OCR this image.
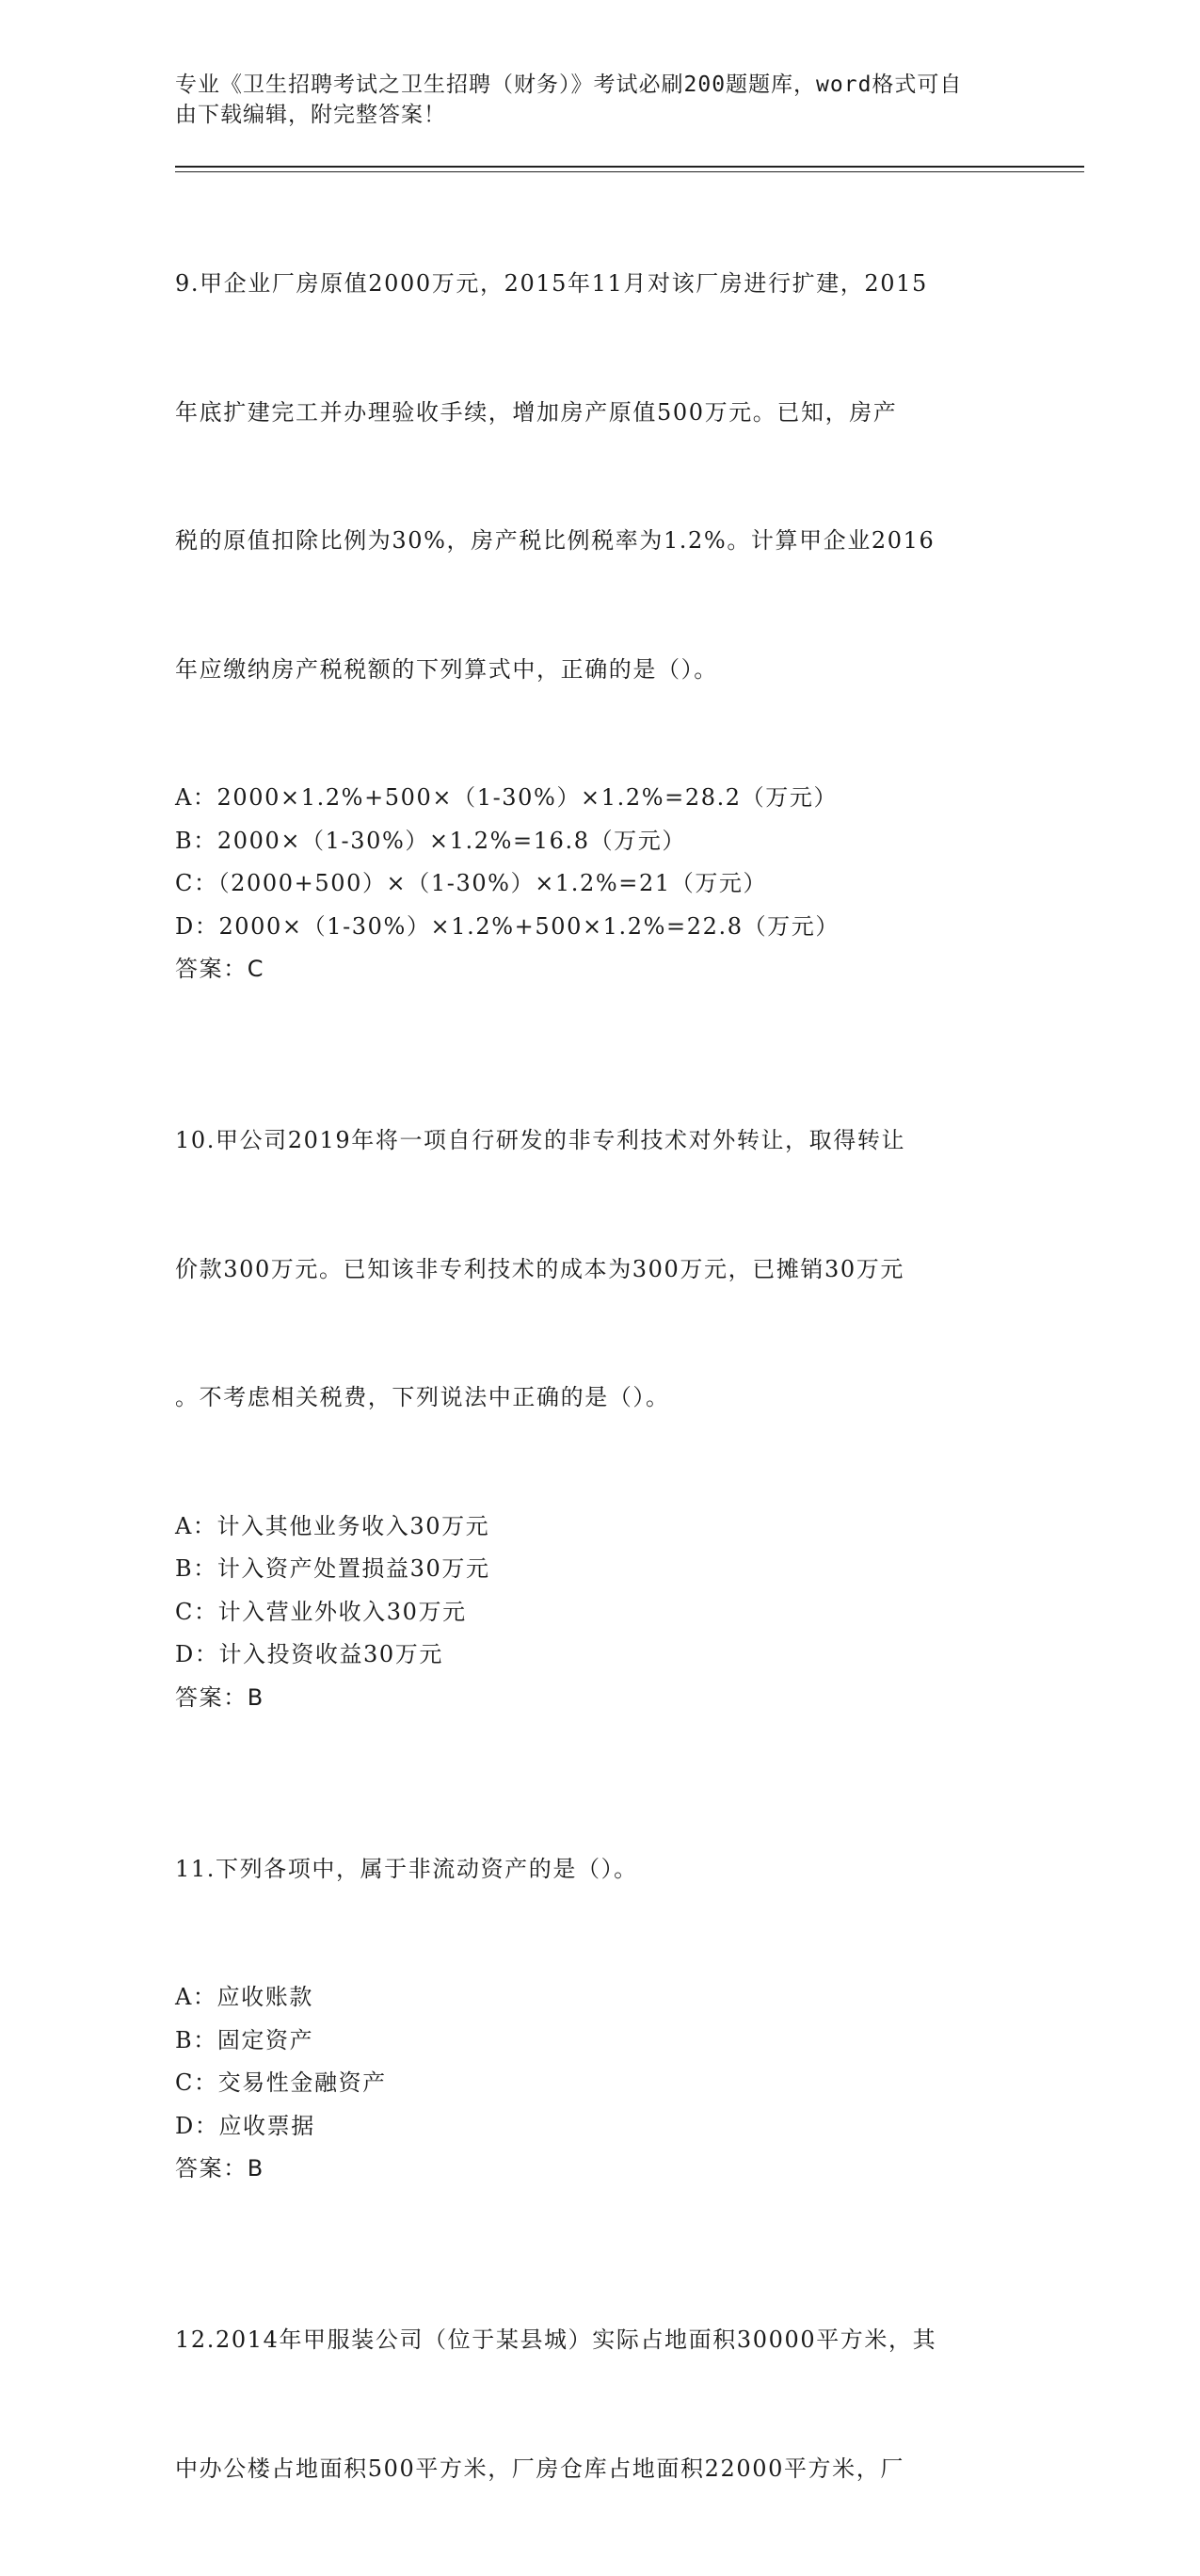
专业《卫生招聘考试之卫生招聘（财务）》考试必刷200题题库，word格式可自
由下载编辑，附完整答案！

9.甲企业厂房原值2000万元，2015年11月对该厂房进行扩建，2015

年底扩建完工并办理验收手续，增加房产原值500万元。已知，房产

税的原值扣除比例为30%，房产税比例税率为1.2%。计算甲企业2016

年应缴纳房产税税额的下列算式中，正确的是（）。

A：2000×1.2%+500×（1-30%）×1.2%=28.2（万元）
B：2000×（1-30%）×1.2%=16.8（万元）
C：（2000+500）×（1-30%）×1.2%=21（万元）
D：2000×（1-30%）×1.2%+500×1.2%=22.8（万元）
答案：C

10.甲公司2019年将一项自行研发的非专利技术对外转让，取得转让

价款300万元。已知该非专利技术的成本为300万元，已摊销30万元

。不考虑相关税费，下列说法中正确的是（）。

A：计入其他业务收入30万元
B：计入资产处置损益30万元
C：计入营业外收入30万元
D：计入投资收益30万元
答案：B

11.下列各项中，属于非流动资产的是（）。

A：应收账款
B：固定资产
C：交易性金融资产
D：应收票据
答案：B

12.2014年甲服装公司（位于某县城）实际占地面积30000平方米，其

中办公楼占地面积500平方米，厂房仓库占地面积22000平方米，厂
